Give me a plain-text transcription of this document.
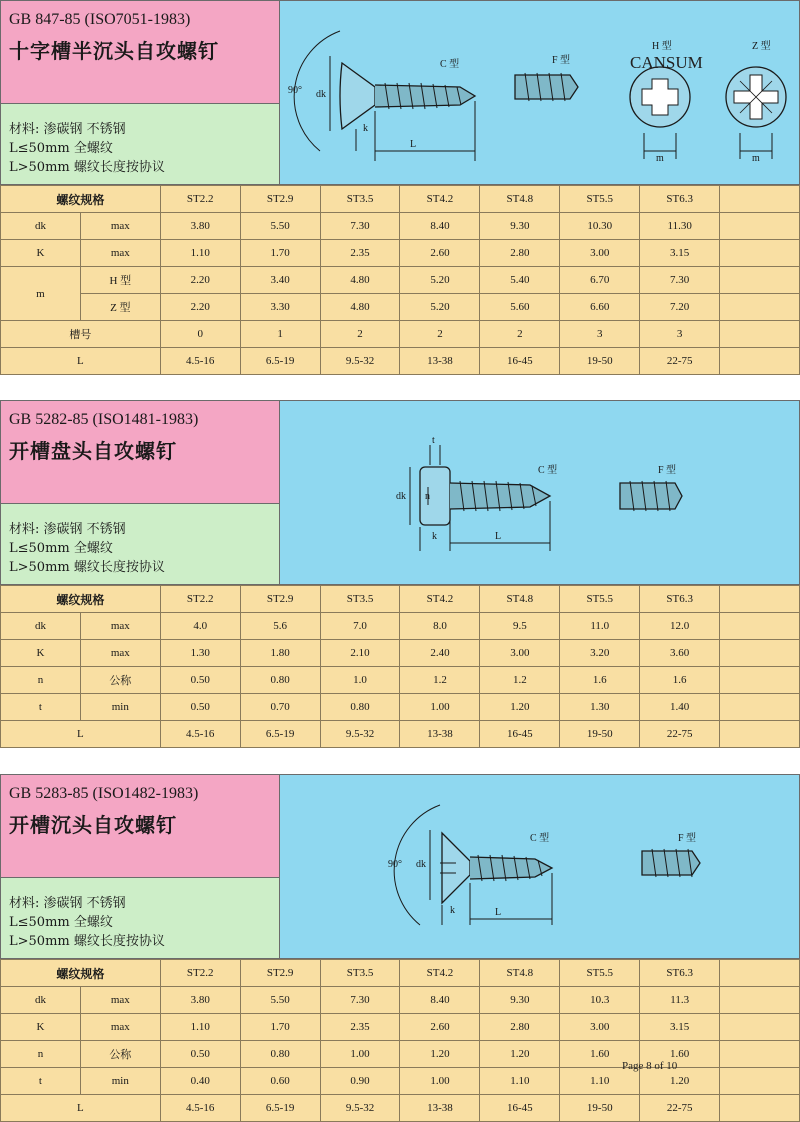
GB 847-85 (ISO7051-1983)
十字槽半沉头自攻螺钉
材料: 渗碳钢 不锈钢
L≤50mm 全螺纹
L>50mm 螺纹长度按协议
90° dk
k
L
C 型	F 型
H 型
m
Z 型
m
CANSUM
螺纹规格		ST2.2	ST2.9	ST3.5	ST4.2	ST4.8	ST5.5	ST6.3	
dk	max	3.80	5.50	7.30	8.40	9.30	10.30	11.30	
K	max	1.10	1.70	2.35	2.60	2.80	3.00	3.15	
m	H 型	2.20	3.40	4.80	5.20	5.40	6.70	7.30	
	Z 型	2.20	3.30	4.80	5.20	5.60	6.60	7.20	
槽号		0	1	2	2	2	3	3	
L		4.5-16	6.5-19	9.5-32	13-38	16-45	19-50	22-75	
GB 5282-85 (ISO1481-1983)
开槽盘头自攻螺钉
材料: 渗碳钢 不锈钢
L≤50mm 全螺纹
L>50mm 螺纹长度按协议
dk n
t
k	L
C 型	F 型
螺纹规格		ST2.2	ST2.9	ST3.5	ST4.2	ST4.8	ST5.5	ST6.3	
dk	max	4.0	5.6	7.0	8.0	9.5	11.0	12.0	
K	max	1.30	1.80	2.10	2.40	3.00	3.20	3.60	
n	公称	0.50	0.80	1.0	1.2	1.2	1.6	1.6	
t	min	0.50	0.70	0.80	1.00	1.20	1.30	1.40	
L		4.5-16	6.5-19	9.5-32	13-38	16-45	19-50	22-75	
GB 5283-85 (ISO1482-1983)
开槽沉头自攻螺钉
材料: 渗碳钢 不锈钢
L≤50mm 全螺纹
L>50mm 螺纹长度按协议
90° dk
k	L
C 型	F 型
螺纹规格		ST2.2	ST2.9	ST3.5	ST4.2	ST4.8	ST5.5	ST6.3	
dk	max	3.80	5.50	7.30	8.40	9.30	10.3	11.3	
K	max	1.10	1.70	2.35	2.60	2.80	3.00	3.15	
n	公称	0.50	0.80	1.00	1.20	1.20	1.60	1.60	
t	min	0.40	0.60	0.90	1.00	1.10	1.10	1.20	
L		4.5-16	6.5-19	9.5-32	13-38	16-45	19-50	22-75	
Page 8 of 10
